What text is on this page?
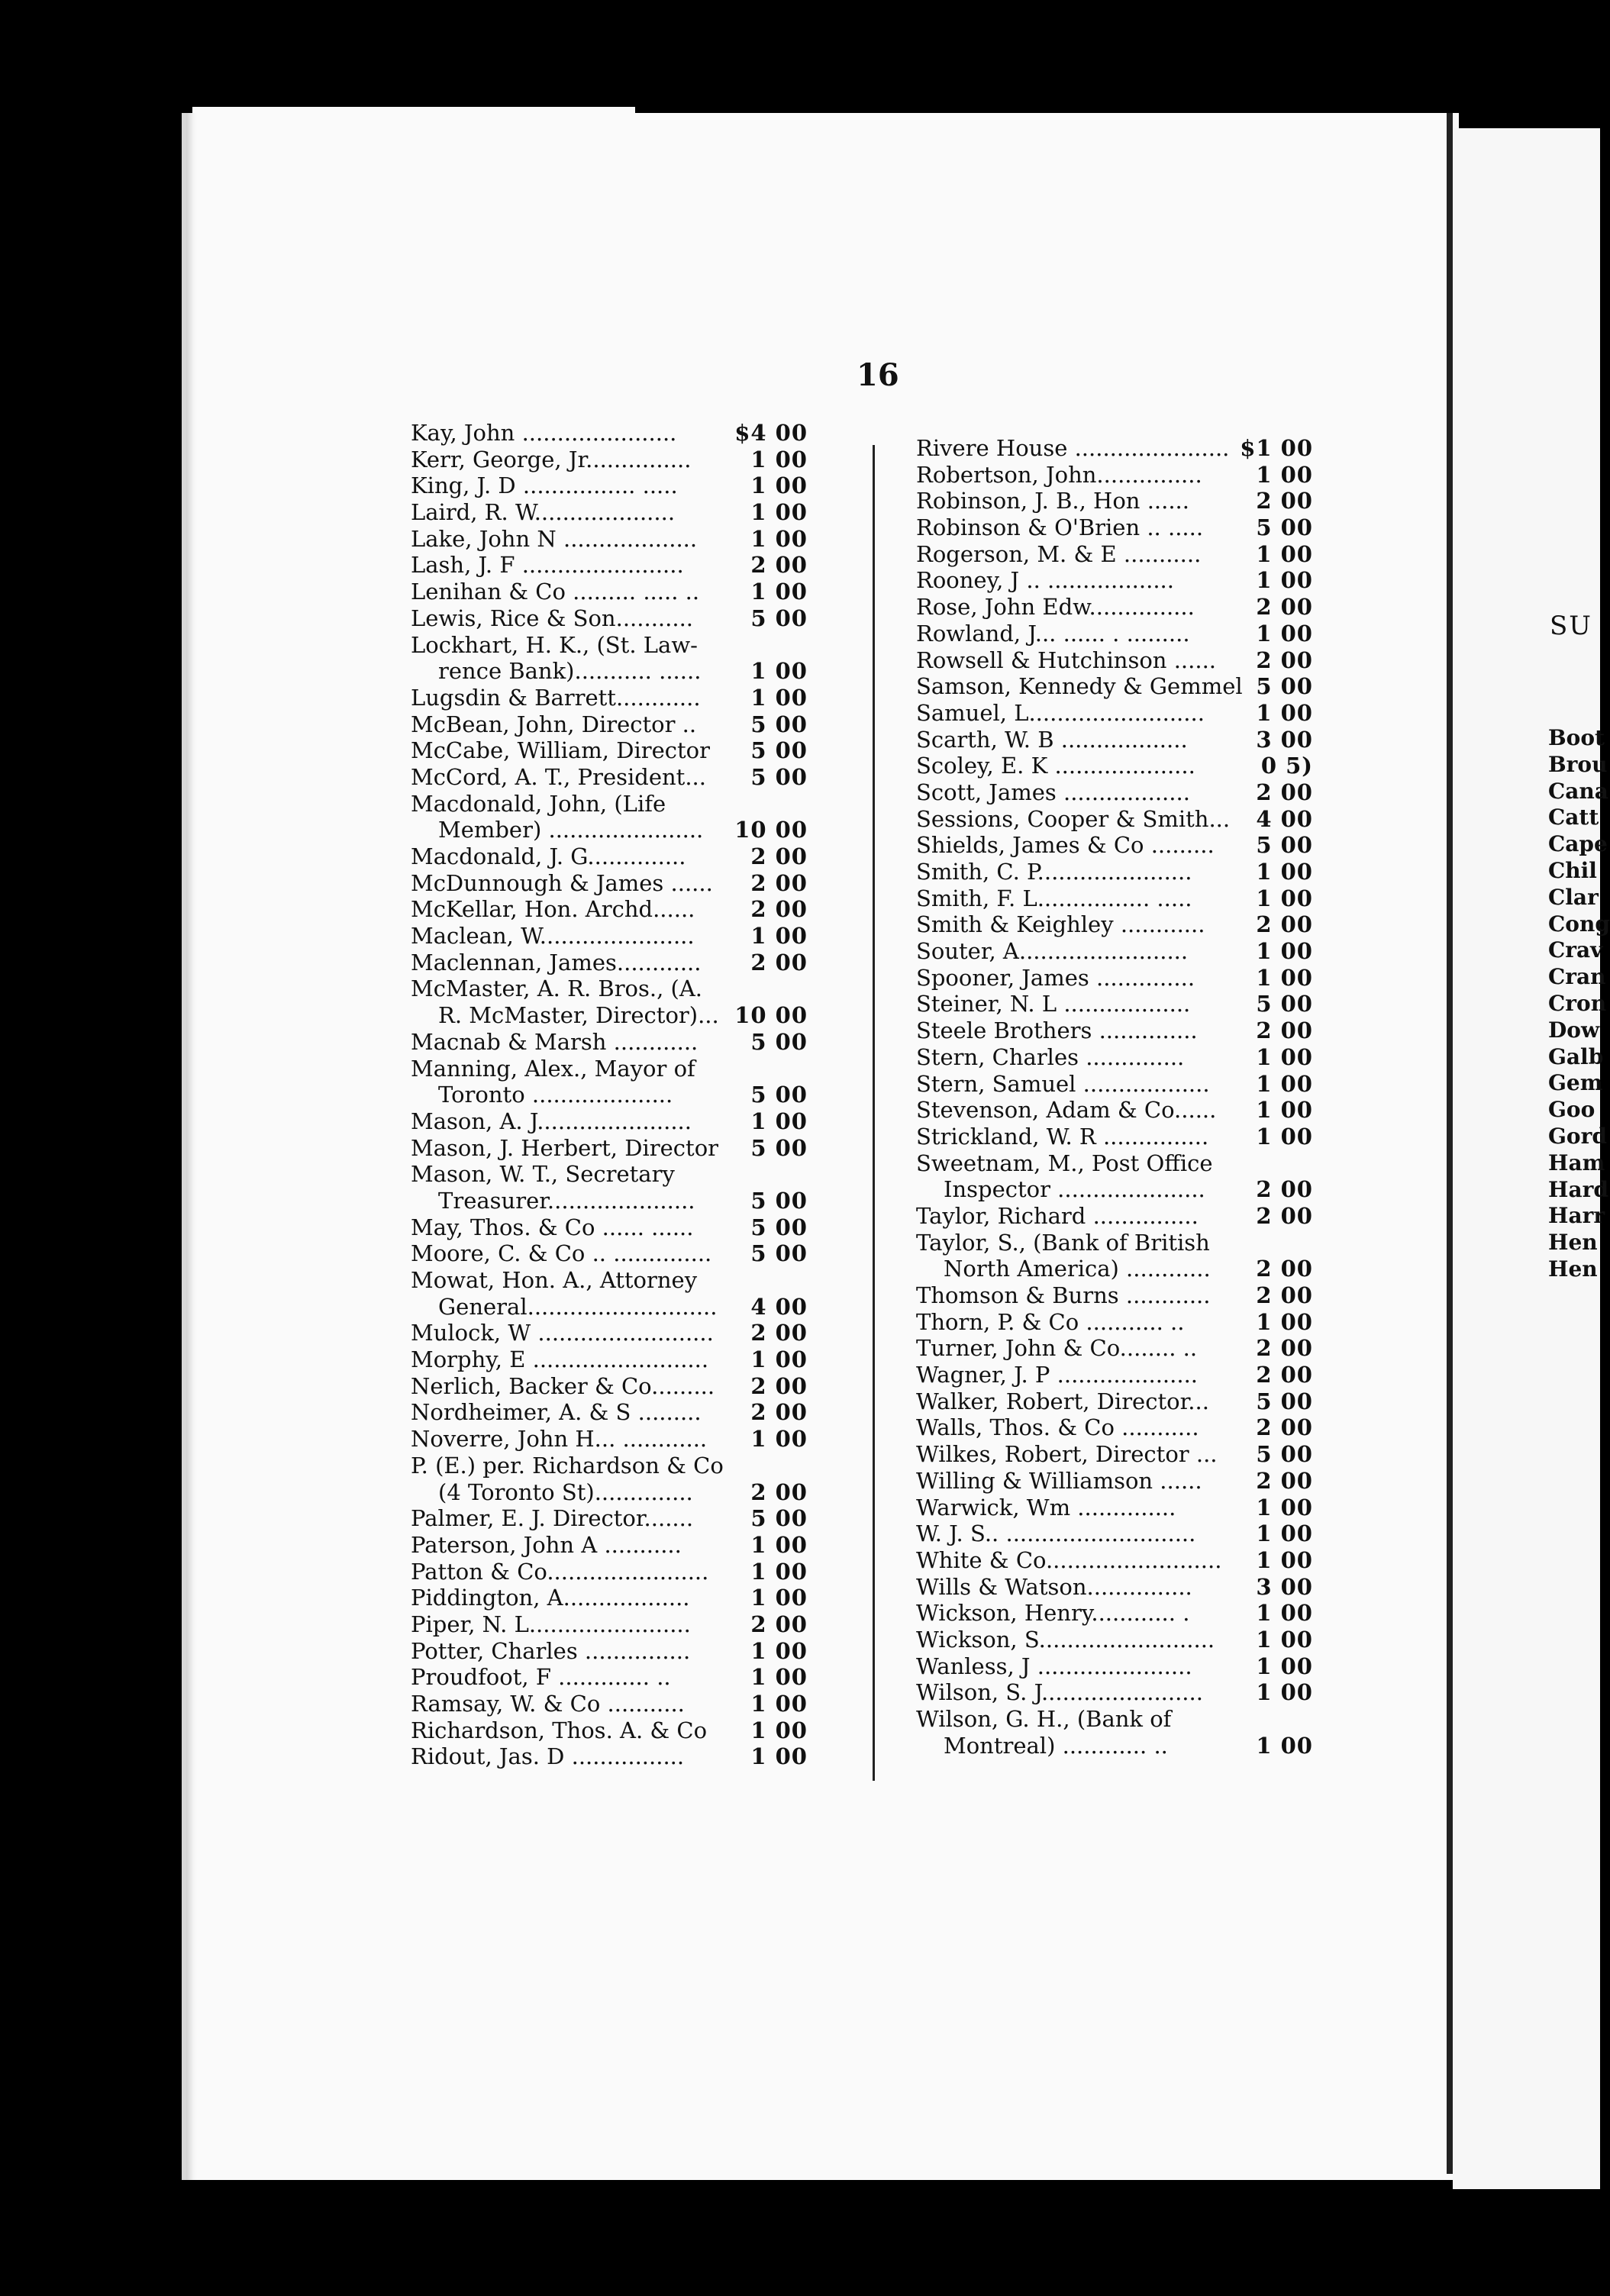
16
Kay, John ......................	$4 00
Kerr, George, Jr...............	1 00
King, J. D ................ .....	1 00
Laird, R. W....................	1 00
Lake, John N ...................	1 00
Lash, J. F .......................	2 00
Lenihan & Co ......... ..... ..	1 00
Lewis, Rice & Son...........	5 00
Lockhart, H. K., (St. Law-
rence Bank)........... ......	1 00
Lugsdin & Barrett............	1 00
McBean, John, Director ..	5 00
McCabe, William, Director	5 00
McCord, A. T., President...	5 00
Macdonald, John, (Life
Member) ......................	10 00
Macdonald, J. G..............	2 00
McDunnough & James ......	2 00
McKellar, Hon. Archd......	2 00
Maclean, W......................	1 00
Maclennan, James............	2 00
McMaster, A. R. Bros., (A.
R. McMaster, Director)... 10 00
Macnab & Marsh ............	5 00
Manning, Alex., Mayor of
Toronto ....................	5 00
Mason, A. J......................	1 00
Mason, J. Herbert, Director	5 00
Mason, W. T., Secretary
Treasurer.....................	5 00
May, Thos. & Co ...... ......	5 00
Moore, C. & Co .. ..............	5 00
Mowat, Hon. A., Attorney
General...........................	4 00
Mulock, W .........................	2 00
Morphy, E .........................	1 00
Nerlich, Backer & Co.........	2 00
Nordheimer, A. & S .........	2 00
Noverre, John H... ............	1 00
P. (E.) per. Richardson & Co
(4 Toronto St)..............	2 00
Palmer, E. J. Director.......	5 00
Paterson, John A ...........	1 00
Patton & Co.......................	1 00
Piddington, A..................	1 00
Piper, N. L.......................	2 00
Potter, Charles ...............	1 00
Proudfoot, F ............. ..	1 00
Ramsay, W. & Co ...........	1 00
Richardson, Thos. A. & Co	1 00
Ridout, Jas. D ................	1 00
Rivere House ...................... $1 00
Robertson, John...............	1 00
Robinson, J. B., Hon ......	2 00
Robinson & O'Brien .. .....	5 00
Rogerson, M. & E ...........	1 00
Rooney, J .. ..................	1 00
Rose, John Edw...............	2 00
Rowland, J... ...... . .........	1 00
Rowsell & Hutchinson ......	2 00
Samson, Kennedy & Gemmel 5 00
Samuel, L.........................	1 00
Scarth, W. B ..................	3 00
Scoley, E. K ....................	0 5)
Scott, James ..................	2 00
Sessions, Cooper & Smith...	4 00
Shields, James & Co .........	5 00
Smith, C. P......................	1 00
Smith, F. L................ .....	1 00
Smith & Keighley ............	2 00
Souter, A........................	1 00
Spooner, James ..............	1 00
Steiner, N. L ..................	5 00
Steele Brothers ..............	2 00
Stern, Charles ..............	1 00
Stern, Samuel ..................	1 00
Stevenson, Adam & Co......	1 00
Strickland, W. R ...............	1 00
Sweetnam, M., Post Office
Inspector .....................	2 00
Taylor, Richard ...............	2 00
Taylor, S., (Bank of British
North America) ............	2 00
Thomson & Burns ............	2 00
Thorn, P. & Co ........... ..	1 00
Turner, John & Co........ ..	2 00
Wagner, J. P ....................	2 00
Walker, Robert, Director...	5 00
Walls, Thos. & Co ...........	2 00
Wilkes, Robert, Director ...	5 00
Willing & Williamson ......	2 00
Warwick, Wm ..............	1 00
W. J. S.. ...........................	1 00
White & Co.........................	1 00
Wills & Watson...............	3 00
Wickson, Henry............ .	1 00
Wickson, S.........................	1 00
Wanless, J ......................	1 00
Wilson, S. J.......................	1 00
Wilson, G. H., (Bank of
Montreal) ............ ..	1 00
SU
Boot
Brou
Cana
Catt
Cape
Chil
Clar
Cong
Crav
Cran
Cron
Dow
Galb
Gem
Goo
Gord
Ham
Hard
Harr
Hen
Hen
